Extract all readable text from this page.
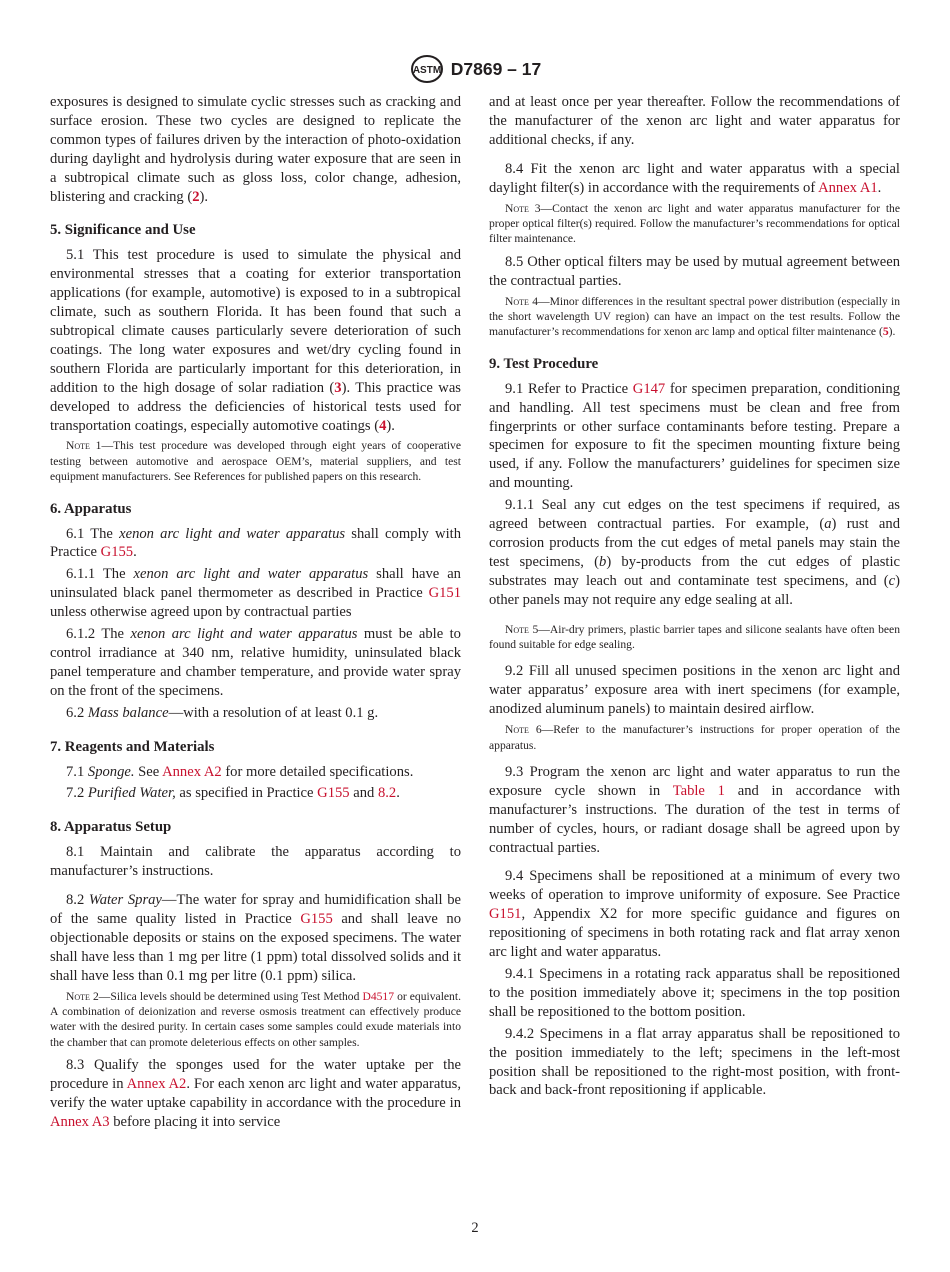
ASTM D7869 – 17
exposures is designed to simulate cyclic stresses such as cracking and surface erosion. These two cycles are designed to replicate the common types of failures driven by the interaction of photo-oxidation during daylight and hydrolysis during water exposure that are seen in a subtropical climate such as gloss loss, color change, adhesion, blistering and cracking (2).
5. Significance and Use
5.1 This test procedure is used to simulate the physical and environmental stresses that a coating for exterior transportation applications (for example, automotive) is exposed to in a subtropical climate, such as southern Florida. It has been found that such a subtropical climate causes particularly severe deterioration of such coatings. The long water exposures and wet/dry cycling found in southern Florida are particularly important for this deterioration, in addition to the high dosage of solar radiation (3). This practice was developed to address the deficiencies of historical tests used for transportation coatings, especially automotive coatings (4).
Note 1—This test procedure was developed through eight years of cooperative testing between automotive and aerospace OEM’s, material suppliers, and test equipment manufacturers. See References for published papers on this research.
6. Apparatus
6.1 The xenon arc light and water apparatus shall comply with Practice G155.
6.1.1 The xenon arc light and water apparatus shall have an uninsulated black panel thermometer as described in Practice G151 unless otherwise agreed upon by contractual parties
6.1.2 The xenon arc light and water apparatus must be able to control irradiance at 340 nm, relative humidity, uninsulated black panel temperature and chamber temperature, and provide water spray on the front of the specimens.
6.2 Mass balance—with a resolution of at least 0.1 g.
7. Reagents and Materials
7.1 Sponge. See Annex A2 for more detailed specifications.
7.2 Purified Water, as specified in Practice G155 and 8.2.
8. Apparatus Setup
8.1 Maintain and calibrate the apparatus according to manufacturer’s instructions.
8.2 Water Spray—The water for spray and humidification shall be of the same quality listed in Practice G155 and shall leave no objectionable deposits or stains on the exposed specimens. The water shall have less than 1 mg per litre (1 ppm) total dissolved solids and it shall have less than 0.1 mg per litre (0.1 ppm) silica.
Note 2—Silica levels should be determined using Test Method D4517 or equivalent. A combination of deionization and reverse osmosis treatment can effectively produce water with the desired purity. In certain cases some samples could exude materials into the chamber that can promote deleterious effects on other samples.
8.3 Qualify the sponges used for the water uptake per the procedure in Annex A2. For each xenon arc light and water apparatus, verify the water uptake capability in accordance with the procedure in Annex A3 before placing it into service
and at least once per year thereafter. Follow the recommendations of the manufacturer of the xenon arc light and water apparatus for additional checks, if any.
8.4 Fit the xenon arc light and water apparatus with a special daylight filter(s) in accordance with the requirements of Annex A1.
Note 3—Contact the xenon arc light and water apparatus manufacturer for the proper optical filter(s) required. Follow the manufacturer’s recommendations for optical filter maintenance.
8.5 Other optical filters may be used by mutual agreement between the contractual parties.
Note 4—Minor differences in the resultant spectral power distribution (especially in the short wavelength UV region) can have an impact on the test results. Follow the manufacturer’s recommendations for xenon arc lamp and optical filter maintenance (5).
9. Test Procedure
9.1 Refer to Practice G147 for specimen preparation, conditioning and handling. All test specimens must be clean and free from fingerprints or other surface contaminants before testing. Prepare a specimen for exposure to fit the specimen mounting fixture being used, if any. Follow the manufacturers’ guidelines for specimen size and mounting.
9.1.1 Seal any cut edges on the test specimens if required, as agreed between contractual parties. For example, (a) rust and corrosion products from the cut edges of metal panels may stain the test specimens, (b) by-products from the cut edges of plastic substrates may leach out and contaminate test specimens, and (c) other panels may not require any edge sealing at all.
Note 5—Air-dry primers, plastic barrier tapes and silicone sealants have often been found suitable for edge sealing.
9.2 Fill all unused specimen positions in the xenon arc light and water apparatus’ exposure area with inert specimens (for example, anodized aluminum panels) to maintain desired airflow.
Note 6—Refer to the manufacturer’s instructions for proper operation of the apparatus.
9.3 Program the xenon arc light and water apparatus to run the exposure cycle shown in Table 1 and in accordance with manufacturer’s instructions. The duration of the test in terms of number of cycles, hours, or radiant dosage shall be agreed upon by contractual parties.
9.4 Specimens shall be repositioned at a minimum of every two weeks of operation to improve uniformity of exposure. See Practice G151, Appendix X2 for more specific guidance and figures on repositioning of specimens in both rotating rack and flat array xenon arc light and water apparatus.
9.4.1 Specimens in a rotating rack apparatus shall be repositioned to the position immediately above it; specimens in the top position shall be repositioned to the bottom position.
9.4.2 Specimens in a flat array apparatus shall be repositioned to the position immediately to the left; specimens in the left-most position shall be repositioned to the right-most position, with front-back and back-front repositioning if applicable.
2
